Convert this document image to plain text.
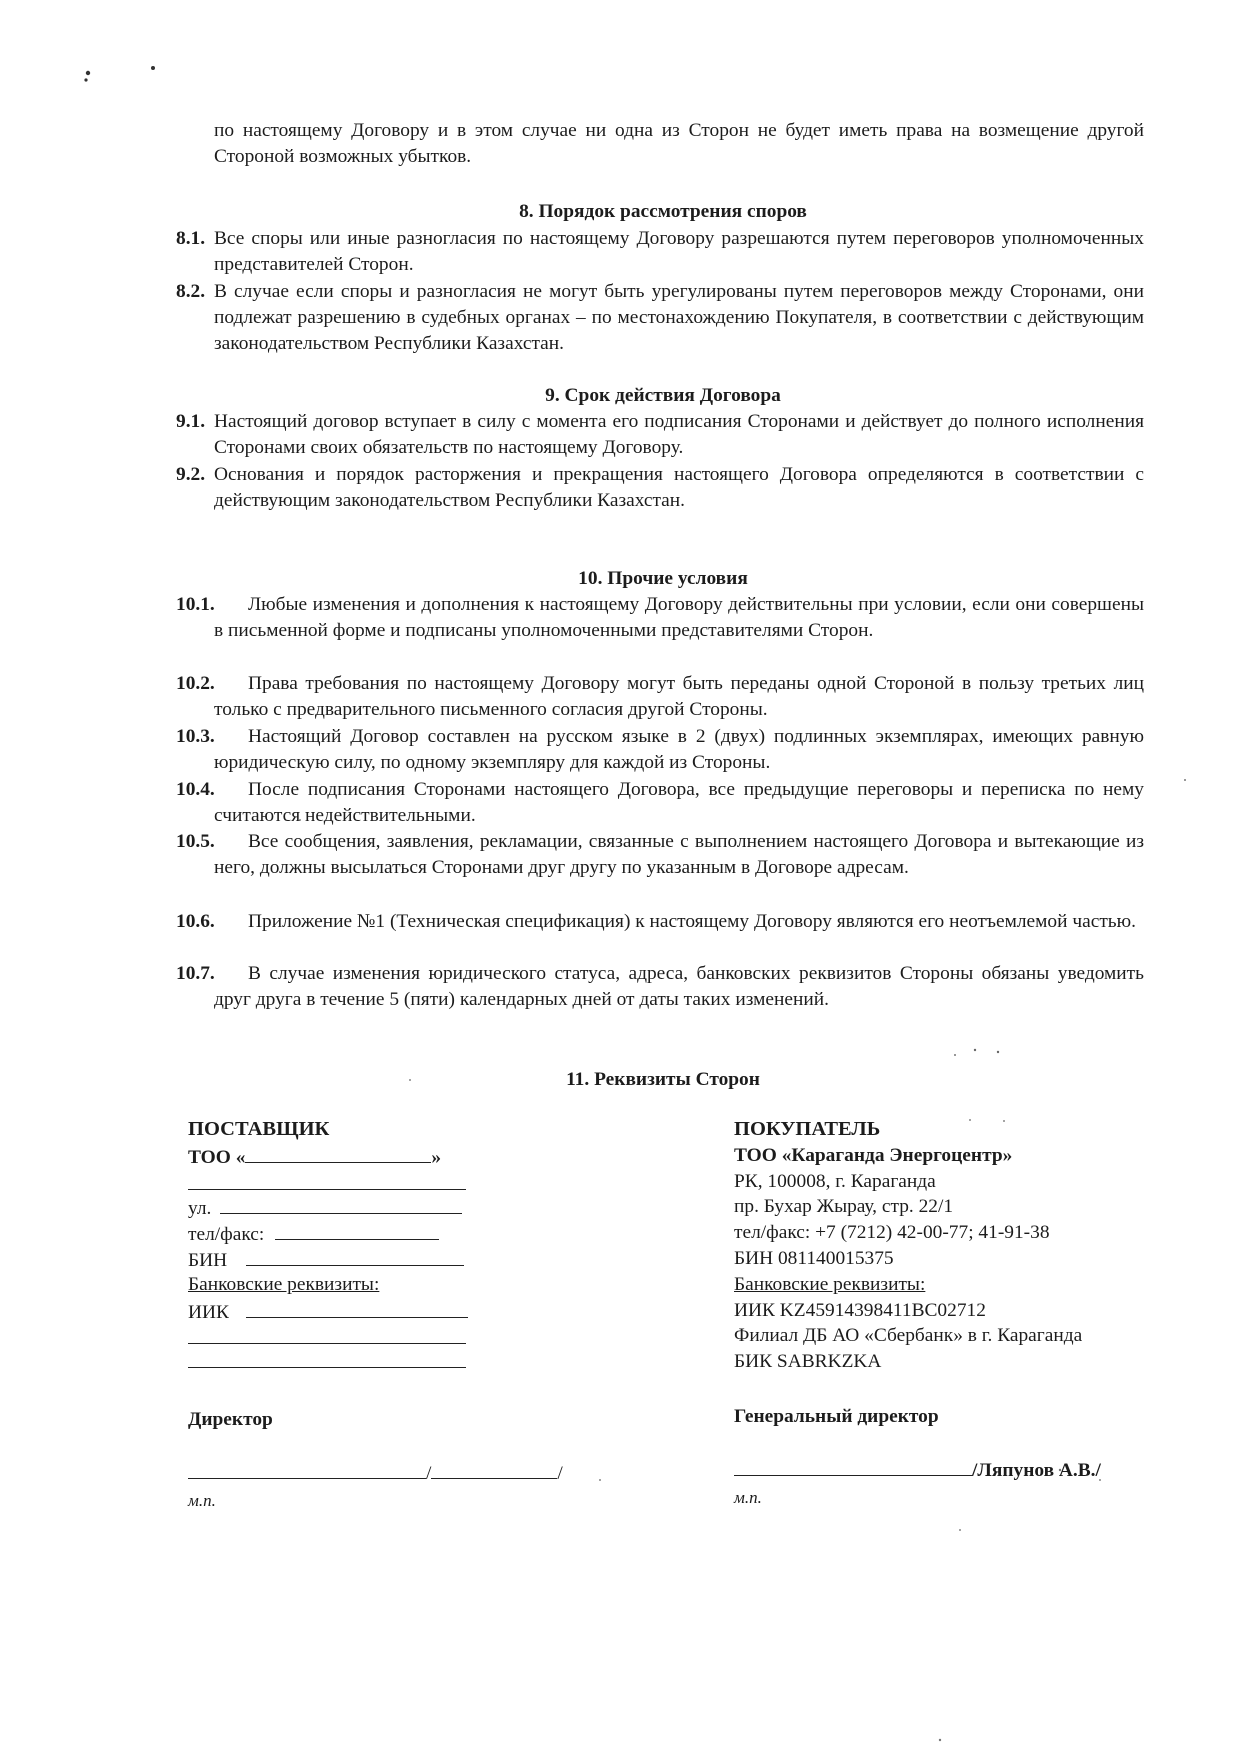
по настоящему Договору и в этом случае ни одна из Сторон не будет иметь права на возмещение другой Стороной возможных убытков.

8. Порядок рассмотрения споров

8.1. Все споры или иные разногласия по настоящему Договору разрешаются путем переговоров уполномоченных представителей Сторон.
8.2. В случае если споры и разногласия не могут быть урегулированы путем переговоров между Сторонами, они подлежат разрешению в судебных органах – по местонахождению Покупателя, в соответствии с действующим законодательством Республики Казахстан.

9. Срок действия Договора

9.1. Настоящий договор вступает в силу с момента его подписания Сторонами и действует до полного исполнения Сторонами своих обязательств по настоящему Договору.
9.2. Основания и порядок расторжения и прекращения настоящего Договора определяются в соответствии с действующим законодательством Республики Казахстан.

10. Прочие условия

10.1.	Любые изменения и дополнения к настоящему Договору действительны при условии, если они совершены в письменной форме и подписаны уполномоченными представителями Сторон.
10.2.	Права требования по настоящему Договору могут быть переданы одной Стороной в пользу третьих лиц только с предварительного письменного согласия другой Стороны.
10.3.	Настоящий Договор составлен на русском языке в 2 (двух) подлинных экземплярах, имеющих равную юридическую силу, по одному экземпляру для каждой из Стороны.
10.4.	После подписания Сторонами настоящего Договора, все предыдущие переговоры и переписка по нему считаются недействительными.
10.5.	Все сообщения, заявления, рекламации, связанные с выполнением настоящего Договора и вытекающие из него, должны высылаться Сторонами друг другу по указанным в Договоре адресам.
10.6.	Приложение №1 (Техническая спецификация) к настоящему Договору являются его неотъемлемой частью.
10.7.	В случае изменения юридического статуса, адреса, банковских реквизитов Стороны обязаны уведомить друг друга в течение 5 (пяти) календарных дней от даты таких изменений.

11. Реквизиты Сторон

ПОСТАВЩИК
ТОО «	»
ул.
тел/факс:
БИН
Банковские реквизиты:
ИИК
Директор
/	/
м.п.
ПОКУПАТЕЛЬ
ТОО «Караганда Энергоцентр»
РК, 100008, г. Караганда
пр. Бухар Жырау, стр. 22/1
тел/факс: +7 (7212) 42-00-77; 41-91-38
БИН 081140015375
Банковские реквизиты:
ИИК KZ45914398411BC02712
Филиал ДБ АО «Сбербанк» в г. Караганда
БИК SABRKZKA
Генеральный директор
/Ляпунов А.В./
м.п.
